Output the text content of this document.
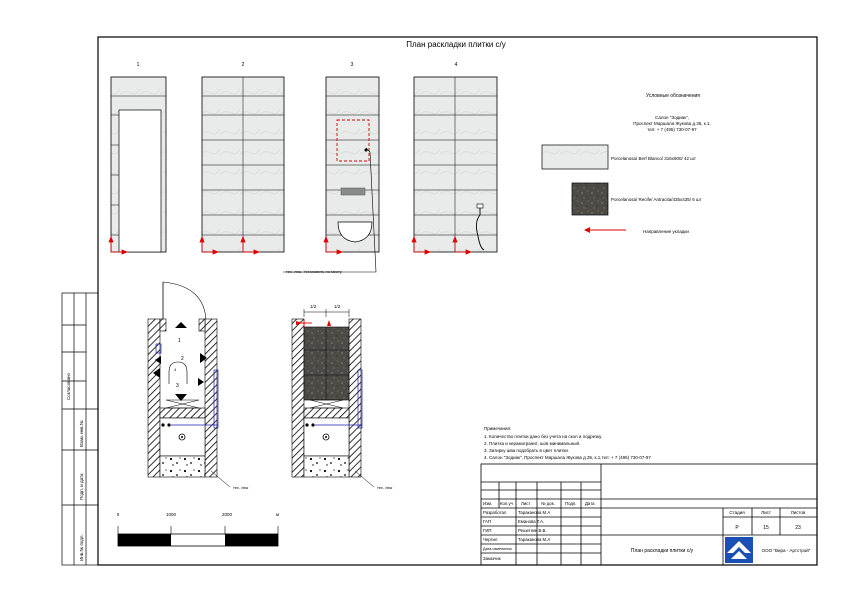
План раскладки плитки с/у
1	2	3	4
тех. люк. Установить по месту
Условные обозначения
Салон "Зодиак",
Проспект Маршала Жукова д.35, к.1,
тел: + 7 (495) 730-07-97
Porcelanosa/ Berf Blanco/ 316x900/ 42 шт
Porcelanosa/ Recife/ Antracita/435x435/ 6 шт
Направление укладки
1
2
3
4
тех. люк
1/2	1/2
тех. люк
Примечания:
1. Количество плитки дано без учета на скол и подрезку.
2. Плитка и керамогранит, шов минимальный.
3. Затирку шва подобрать в цвет плитки.
4. Салон "Зодиак", Проспект Маршала Жукова д.35, к.1,тел: + 7 (495) 730-07-97
0	1000	2000	м
Согласовано
Взам. инв.№
Подп. и дата
Инв.№ подл.
Изм. Кол.уч Лист № док. Подп. Дата
Разработал	Тараканова М.А
ГАП	Еманова Т.А.
ГИП	Решетняк В.В.
Чертил	Тараканова М.А
Дата изменения
Заказчик
Стадия	Лист	Листов
Р	15	23
План раскладки плитки с/у	ООО "Вира - Артстрой"
